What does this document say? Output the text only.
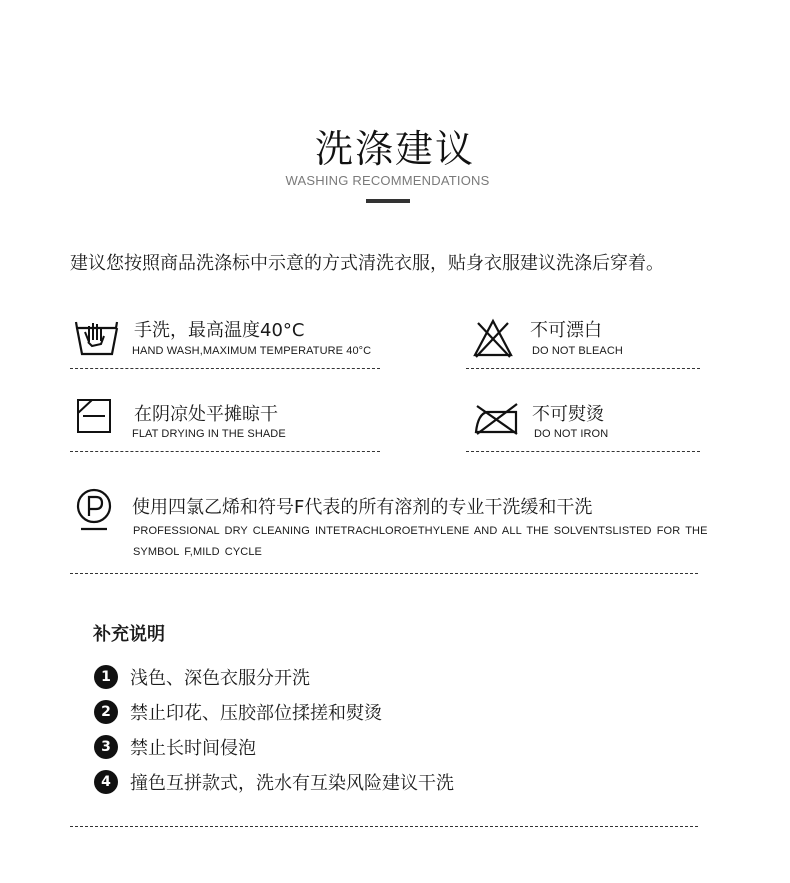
洗涤建议
WASHING RECOMMENDATIONS
建议您按照商品洗涤标中示意的方式清洗衣服，贴身衣服建议洗涤后穿着。
手洗，最高温度40°C
HAND WASH,MAXIMUM TEMPERATURE 40°C
不可漂白
DO NOT BLEACH
在阴凉处平摊晾干
FLAT DRYING IN THE SHADE
不可熨烫
DO NOT IRON
使用四氯乙烯和符号F代表的所有溶剂的专业干洗缓和干洗
PROFESSIONAL DRY CLEANING INTETRACHLOROETHYLENE AND ALL THE SOLVENTSLISTED FOR THE SYMBOL F,MILD CYCLE
补充说明
1	浅色、深色衣服分开洗
2	禁止印花、压胶部位揉搓和熨烫
3	禁止长时间侵泡
4	撞色互拼款式，洗水有互染风险建议干洗
